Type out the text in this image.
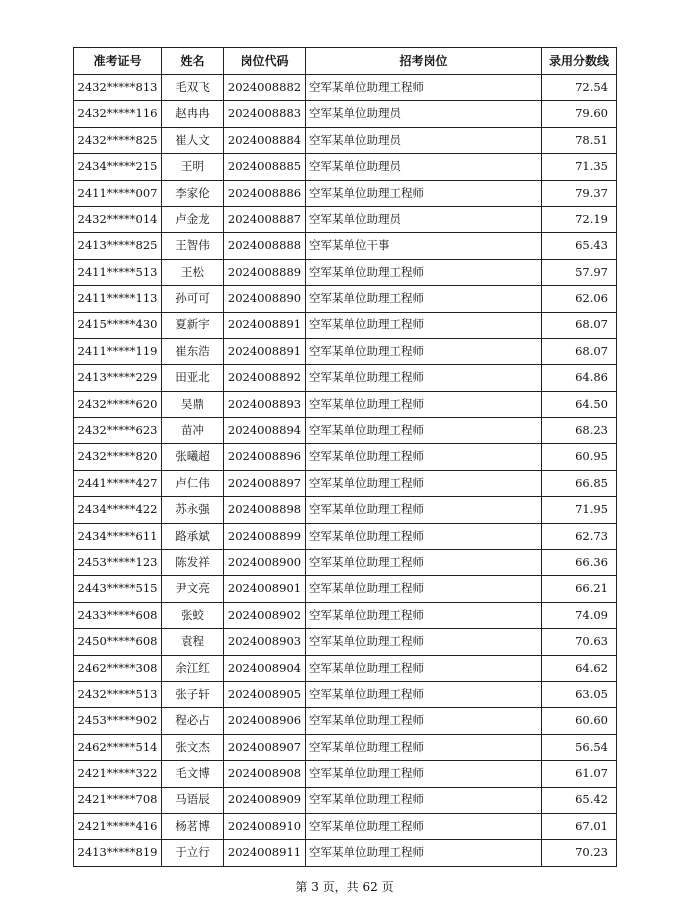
准考证号	姓名	岗位代码	招考岗位	录用分数线
2432*****813	毛双飞	2024008882	空军某单位助理工程师	72.54
2432*****116	赵冉冉	2024008883	空军某单位助理员	79.60
2432*****825	崔人文	2024008884	空军某单位助理员	78.51
2434*****215	王明	2024008885	空军某单位助理员	71.35
2411*****007	李家伦	2024008886	空军某单位助理工程师	79.37
2432*****014	卢金龙	2024008887	空军某单位助理员	72.19
2413*****825	王智伟	2024008888	空军某单位干事	65.43
2411*****513	王松	2024008889	空军某单位助理工程师	57.97
2411*****113	孙可可	2024008890	空军某单位助理工程师	62.06
2415*****430	夏新宇	2024008891	空军某单位助理工程师	68.07
2411*****119	崔东浩	2024008891	空军某单位助理工程师	68.07
2413*****229	田亚北	2024008892	空军某单位助理工程师	64.86
2432*****620	吴鼎	2024008893	空军某单位助理工程师	64.50
2432*****623	苗冲	2024008894	空军某单位助理工程师	68.23
2432*****820	张曦超	2024008896	空军某单位助理工程师	60.95
2441*****427	卢仁伟	2024008897	空军某单位助理工程师	66.85
2434*****422	苏永强	2024008898	空军某单位助理工程师	71.95
2434*****611	路承斌	2024008899	空军某单位助理工程师	62.73
2453*****123	陈发祥	2024008900	空军某单位助理工程师	66.36
2443*****515	尹文亮	2024008901	空军某单位助理工程师	66.21
2433*****608	张蛟	2024008902	空军某单位助理工程师	74.09
2450*****608	袁程	2024008903	空军某单位助理工程师	70.63
2462*****308	余江红	2024008904	空军某单位助理工程师	64.62
2432*****513	张子轩	2024008905	空军某单位助理工程师	63.05
2453*****902	程必占	2024008906	空军某单位助理工程师	60.60
2462*****514	张文杰	2024008907	空军某单位助理工程师	56.54
2421*****322	毛文博	2024008908	空军某单位助理工程师	61.07
2421*****708	马语辰	2024008909	空军某单位助理工程师	65.42
2421*****416	杨茗博	2024008910	空军某单位助理工程师	67.01
2413*****819	于立行	2024008911	空军某单位助理工程师	70.23
第 3 页，共 62 页
